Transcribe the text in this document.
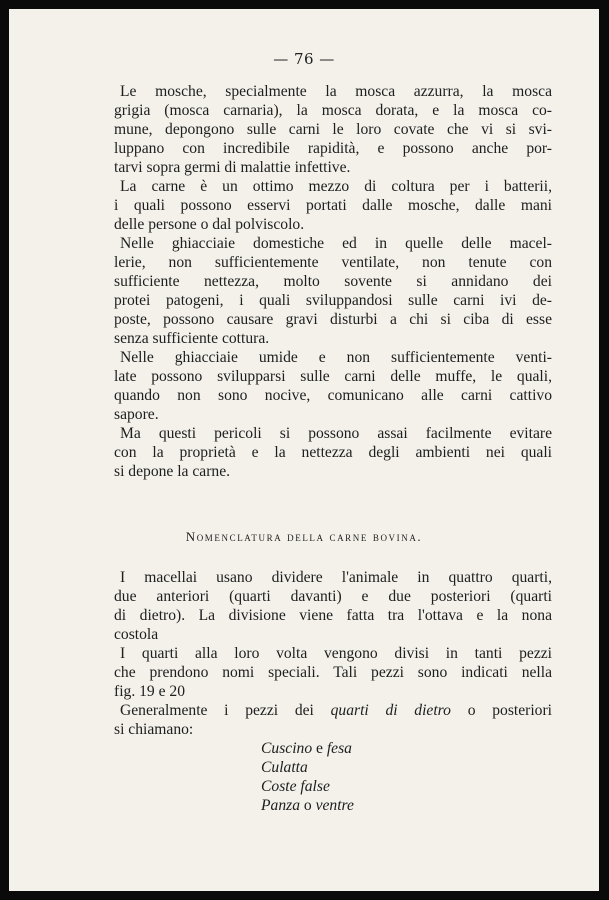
— 76 —
Le mosche, specialmente la mosca azzurra, la mosca
grigia (mosca carnaria), la mosca dorata, e la mosca co-
mune, depongono sulle carni le loro covate che vi si svi-
luppano con incredibile rapidità, e possono anche por-
tarvi sopra germi di malattie infettive.
La carne è un ottimo mezzo di coltura per i batterii,
i quali possono esservi portati dalle mosche, dalle mani
delle persone o dal polviscolo.
Nelle ghiacciaie domestiche ed in quelle delle macel-
lerie, non sufficientemente ventilate, non tenute con
sufficiente nettezza, molto sovente si annidano dei
protei patogeni, i quali sviluppandosi sulle carni ivi de-
poste, possono causare gravi disturbi a chi si ciba di esse
senza sufficiente cottura.
Nelle ghiacciaie umide e non sufficientemente venti-
late possono svilupparsi sulle carni delle muffe, le quali,
quando non sono nocive, comunicano alle carni cattivo
sapore.
Ma questi pericoli si possono assai facilmente evitare
con la proprietà e la nettezza degli ambienti nei quali
si depone la carne.
Nomenclatura della carne bovina.
I macellai usano dividere l'animale in quattro quarti,
due anteriori (quarti davanti) e due posteriori (quarti
di dietro). La divisione viene fatta tra l'ottava e la nona
costola
I quarti alla loro volta vengono divisi in tanti pezzi
che prendono nomi speciali. Tali pezzi sono indicati nella
fig. 19 e 20
Generalmente i pezzi dei quarti di dietro o posteriori
si chiamano:
Cuscino e fesa
Culatta
Coste false
Panza o ventre
